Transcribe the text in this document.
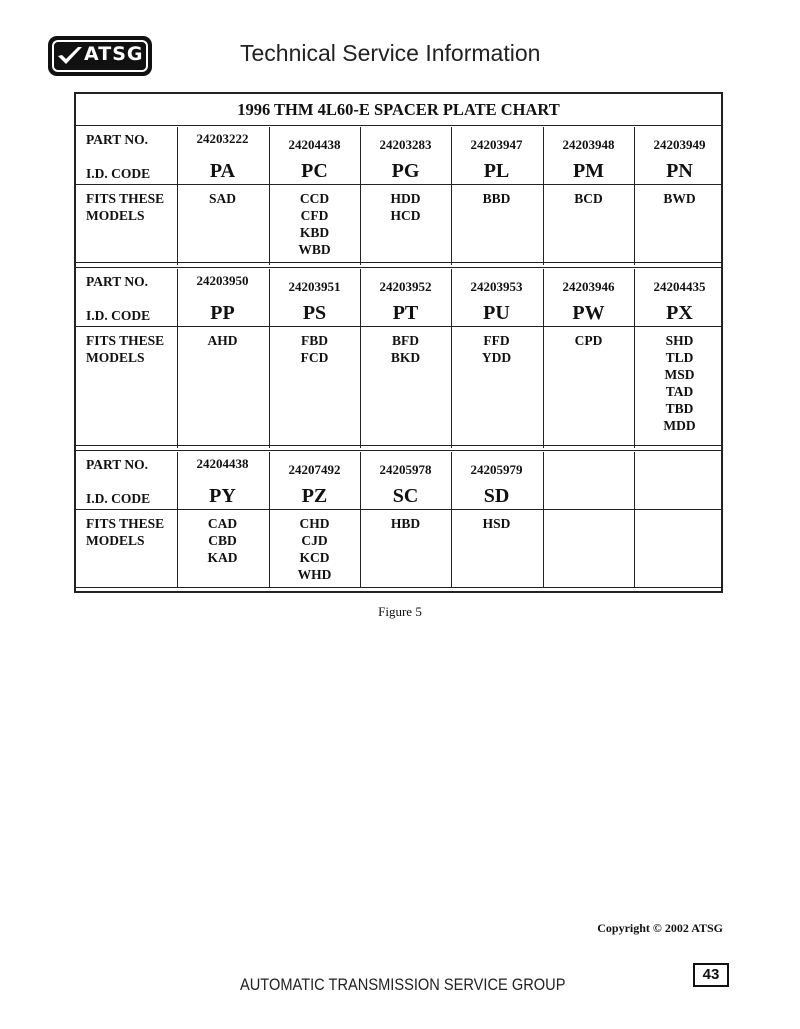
ATSG	Technical Service Information
1996 THM 4L60-E SPACER PLATE CHART
PART NO.
I.D. CODE
FITS THESE MODELS
24203222
PA
SAD
24204438
PC
CCD
CFD
KBD
WBD
24203283
PG
HDD
HCD
24203947
PL
BBD
24203948
PM
BCD
24203949
PN
BWD
PART NO.
I.D. CODE
FITS THESE MODELS
24203950
PP
AHD
24203951
PS
FBD
FCD
24203952
PT
BFD
BKD
24203953
PU
FFD
YDD
24203946
PW
CPD
24204435
PX
SHD
TLD
MSD
TAD
TBD
MDD
PART NO.
I.D. CODE
FITS THESE MODELS
24204438
PY
CAD
CBD
KAD
24207492
PZ
CHD
CJD
KCD
WHD
24205978
SC
HBD
24205979
SD
HSD
Figure 5
Copyright © 2002 ATSG
AUTOMATIC TRANSMISSION SERVICE GROUP
43
